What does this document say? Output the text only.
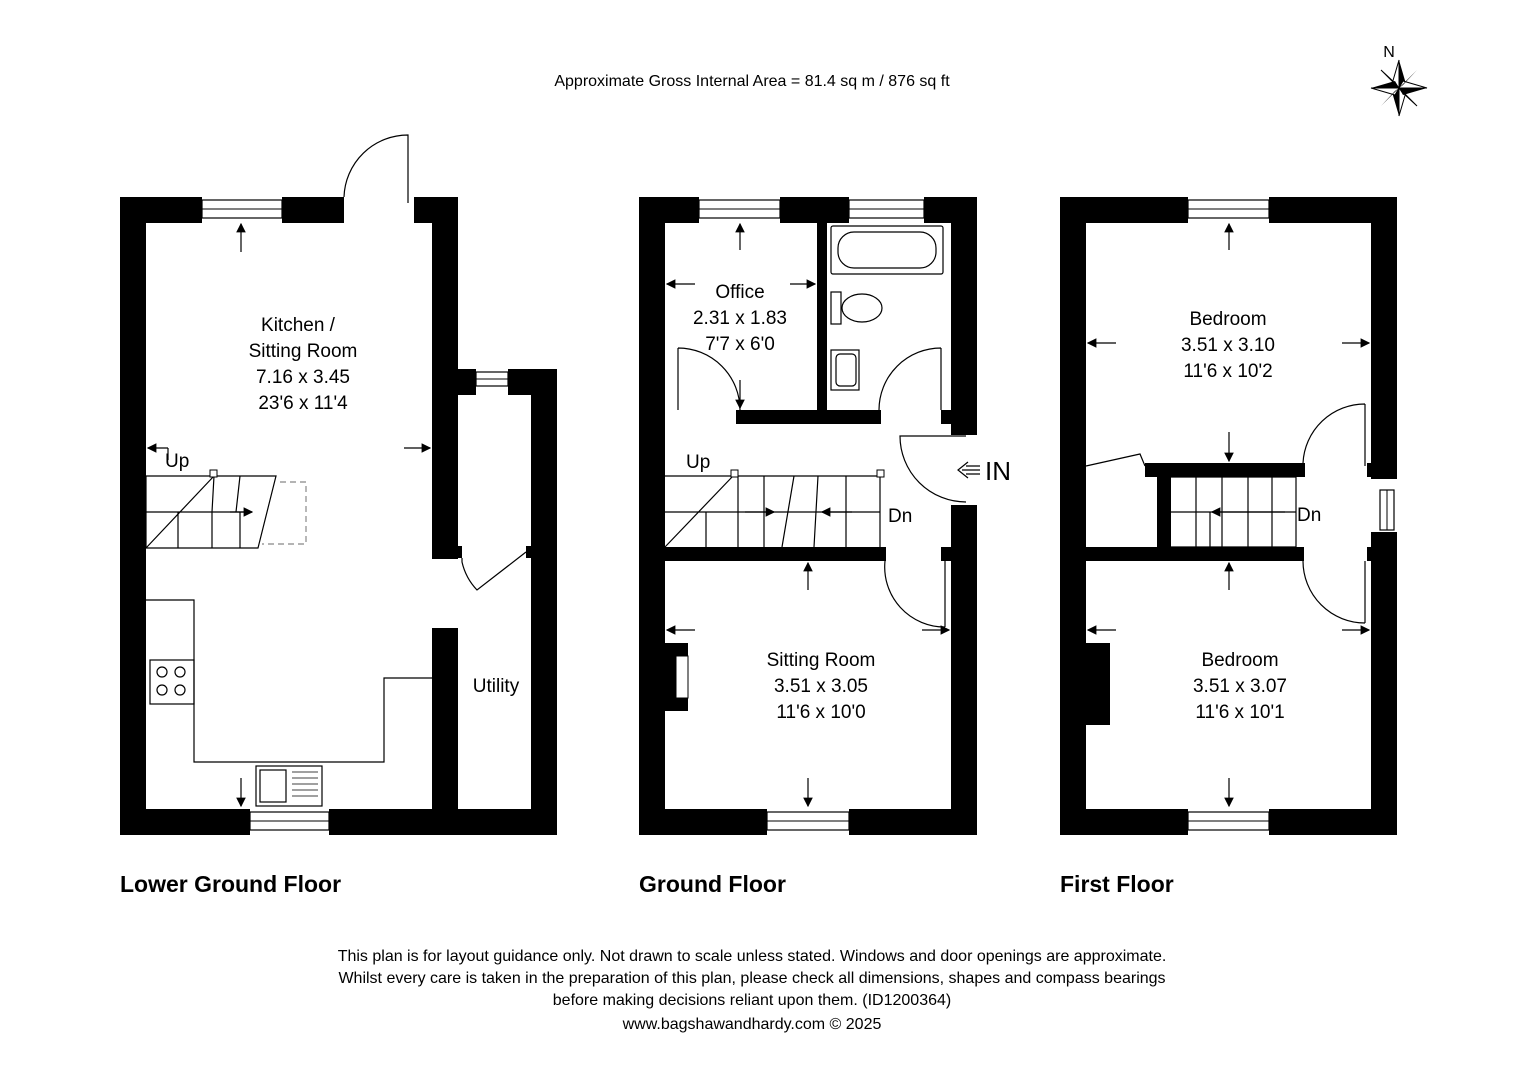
Approximate Gross Internal Area = 81.4 sq m / 876 sq ft
N
Kitchen /
Sitting Room
7.16 x 3.45
23'6 x 11'4
Up
Utility
Lower Ground Floor
Office
2.31 x 1.83
7'7 x 6'0
Up
Dn
IN
Sitting Room
3.51 x 3.05
11'6 x 10'0
Ground Floor
Bedroom
3.51 x 3.10
11'6 x 10'2
Dn
Bedroom
3.51 x 3.07
11'6 x 10'1
First Floor
This plan is for layout guidance only. Not drawn to scale unless stated. Windows and door openings are approximate.
Whilst every care is taken in the preparation of this plan, please check all dimensions, shapes and compass bearings
before making decisions reliant upon them. (ID1200364)
www.bagshawandhardy.com © 2025
